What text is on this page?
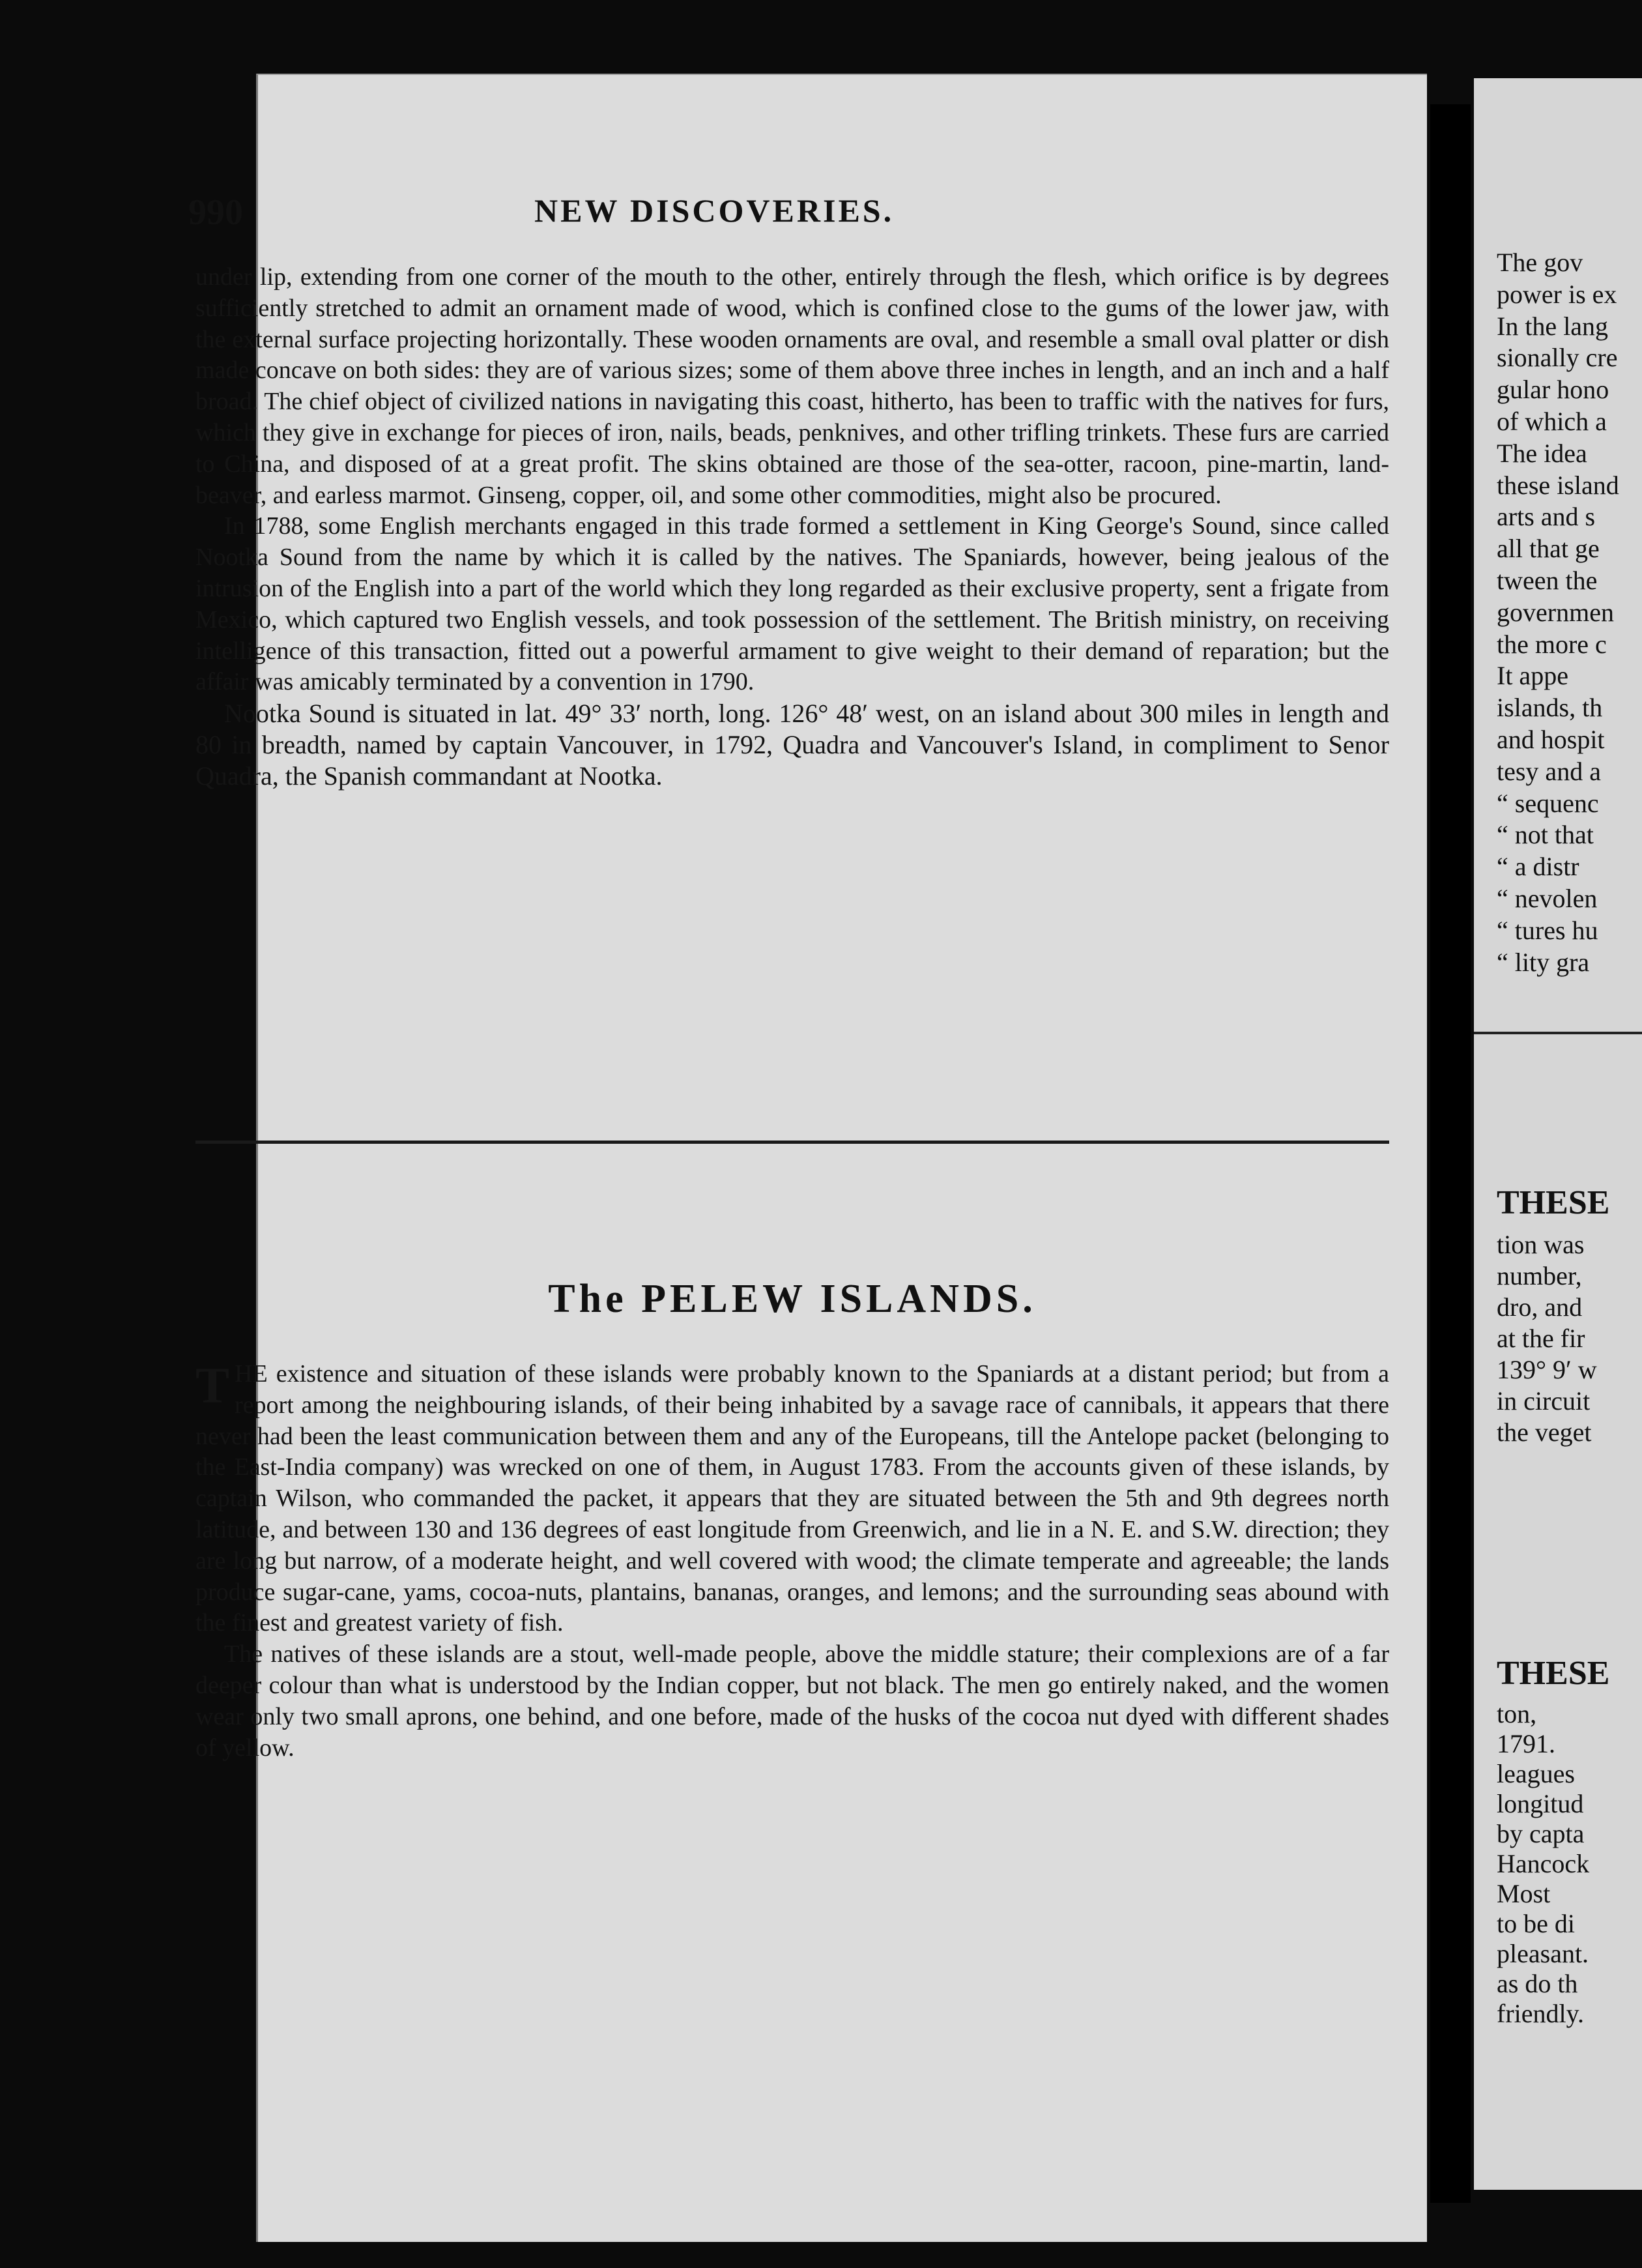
990	NEW DISCOVERIES.

under lip, extending from one corner of the mouth to the other, entirely through the flesh, which orifice is by degrees sufficiently stretched to admit an ornament made of wood, which is confined close to the gums of the lower jaw, with the external surface projecting horizontally. These wooden ornaments are oval, and resemble a small oval platter or dish made concave on both sides: they are of various sizes; some of them above three inches in length, and an inch and a half broad. The chief object of civilized nations in navigating this coast, hitherto, has been to traffic with the natives for furs, which they give in exchange for pieces of iron, nails, beads, penknives, and other trifling trinkets. These furs are carried to China, and disposed of at a great profit. The skins obtained are those of the sea-otter, racoon, pine-martin, land-beaver, and earless marmot. Ginseng, copper, oil, and some other commodities, might also be procured.

In 1788, some English merchants engaged in this trade formed a settlement in King George's Sound, since called Nootka Sound from the name by which it is called by the natives. The Spaniards, however, being jealous of the intrusion of the English into a part of the world which they long regarded as their exclusive property, sent a frigate from Mexico, which captured two English vessels, and took possession of the settlement. The British ministry, on receiving intelligence of this transaction, fitted out a powerful armament to give weight to their demand of reparation; but the affair was amicably terminated by a convention in 1790.

Nootka Sound is situated in lat. 49° 33′ north, long. 126° 48′ west, on an island about 300 miles in length and 80 in breadth, named by captain Vancouver, in 1792, Quadra and Vancouver's Island, in compliment to Senor Quadra, the Spanish commandant at Nootka.

The PELEW ISLANDS.

T HE existence and situation of these islands were probably known to the Spaniards at a distant period; but from a report among the neighbouring islands, of their being inhabited by a savage race of cannibals, it appears that there never had been the least communication between them and any of the Europeans, till the Antelope packet (belonging to the East-India company) was wrecked on one of them, in August 1783. From the accounts given of these islands, by captain Wilson, who commanded the packet, it appears that they are situated between the 5th and 9th degrees north latitude, and between 130 and 136 degrees of east longitude from Greenwich, and lie in a N. E. and S.W. direction; they are long but narrow, of a moderate height, and well covered with wood; the climate temperate and agreeable; the lands produce sugar-cane, yams, cocoa-nuts, plantains, bananas, oranges, and lemons; and the surrounding seas abound with the finest and greatest variety of fish.

The natives of these islands are a stout, well-made people, above the middle stature; their complexions are of a far deeper colour than what is understood by the Indian copper, but not black. The men go entirely naked, and the women wear only two small aprons, one behind, and one before, made of the husks of the cocoa nut dyed with different shades of yellow.

The gov
power is ex
In the lang
sionally cre
gular hono
of which a
The idea
these island
arts and s
all that ge
tween the
governmen
the more c
It appe
islands, th
and hospit
tesy and a
“ sequenc
“ not that
“ a distr
“ nevolen
“ tures hu
“ lity gra
THESE
tion was
number,
dro, and
at the fir
139° 9′ w
in circuit
the veget
THESE
ton,
1791.
leagues
longitud
by capta
Hancock
Most
to be di
pleasant.
as do th
friendly.
